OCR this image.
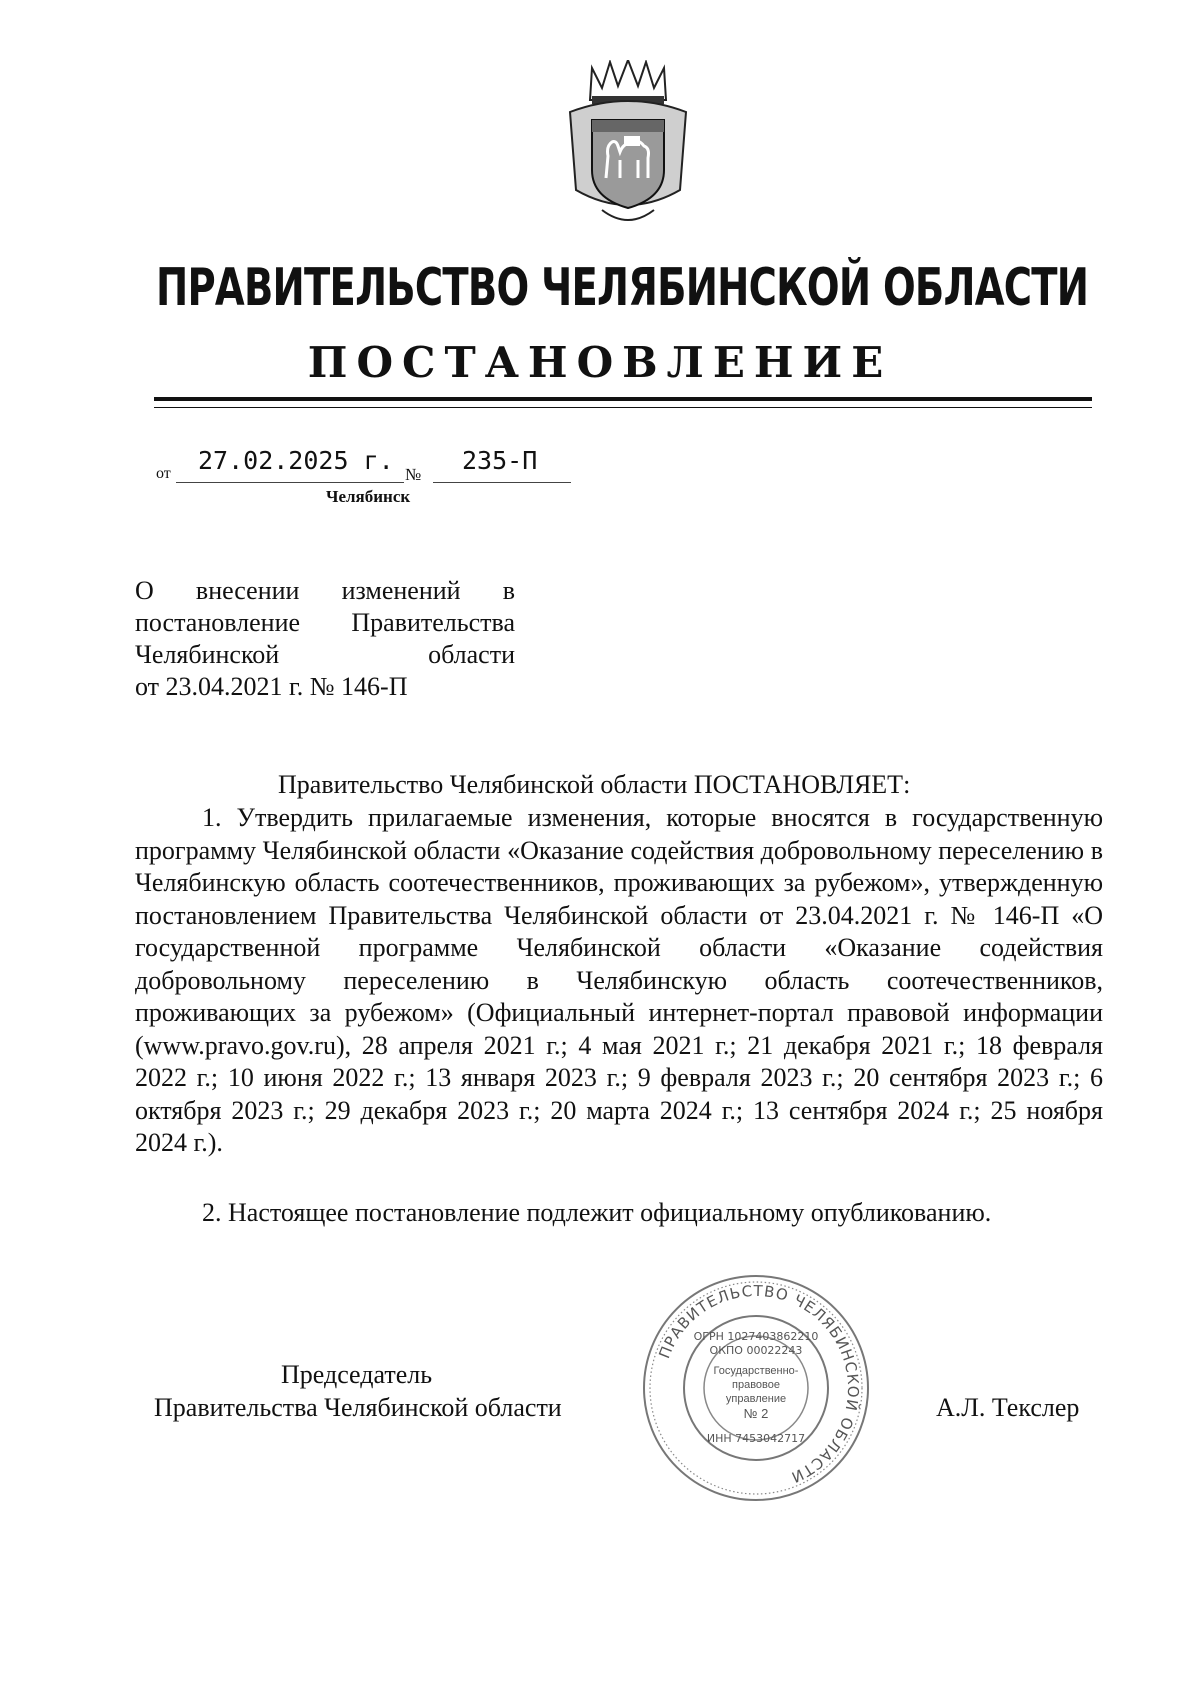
ПРАВИТЕЛЬСТВО ЧЕЛЯБИНСКОЙ ОБЛАСТИ
ПОСТАНОВЛЕНИЕ
от 27.02.2025 г. № 235-П
Челябинск
О внесении изменений в
постановление Правительства
Челябинской области
от 23.04.2021 г. № 146-П
Правительство Челябинской области ПОСТАНОВЛЯЕТ:
1. Утвердить прилагаемые изменения, которые вносятся в государственную программу Челябинской области «Оказание содействия добровольному переселению в Челябинскую область соотечественников, проживающих за рубежом», утвержденную постановлением Правительства Челябинской области от 23.04.2021 г. № 146-П «О государственной программе Челябинской области «Оказание содействия добровольному переселению в Челябинскую область соотечественников, проживающих за рубежом» (Официальный интернет-портал правовой информации (www.pravo.gov.ru), 28 апреля 2021 г.; 4 мая 2021 г.; 21 декабря 2021 г.; 18 февраля 2022 г.; 10 июня 2022 г.; 13 января 2023 г.; 9 февраля 2023 г.; 20 сентября 2023 г.; 6 октября 2023 г.; 29 декабря 2023 г.; 20 марта 2024 г.; 13 сентября 2024 г.; 25 ноября 2024 г.).
2. Настоящее постановление подлежит официальному опубликованию.
Председатель
Правительства Челябинской области	А.Л. Текслер
ПРАВИТЕЛЬСТВО ЧЕЛЯБИНСКОЙ ОБЛАСТИ
ОГРН 1027403862210
ОКПО 00022243
ИНН 7453042717
Государственно-
правовое
управление
№ 2
